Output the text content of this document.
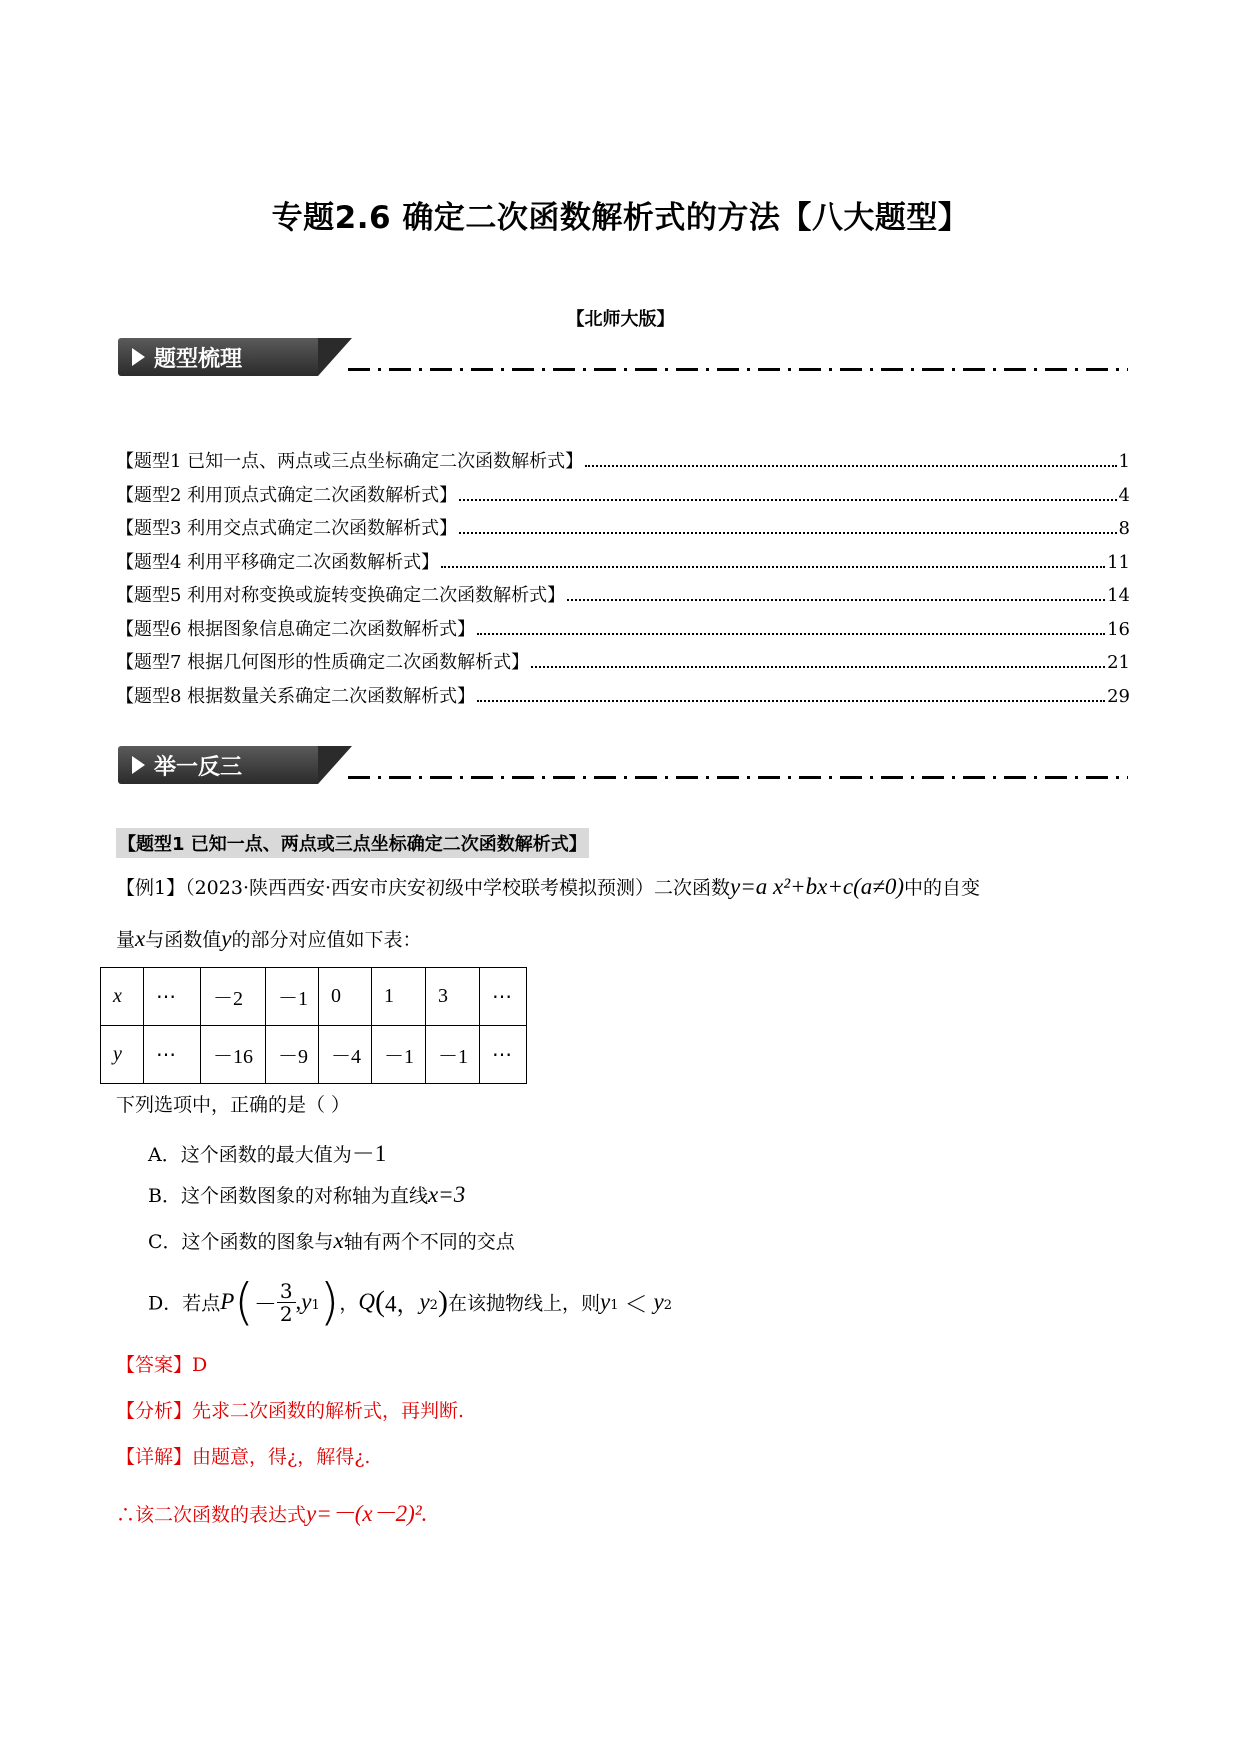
专题2.6 确定二次函数解析式的方法【八大题型】
【北师大版】
题型梳理
【题型1 已知一点、两点或三点坐标确定二次函数解析式】	1
【题型2 利用顶点式确定二次函数解析式】	4
【题型3 利用交点式确定二次函数解析式】	8
【题型4 利用平移确定二次函数解析式】	11
【题型5 利用对称变换或旋转变换确定二次函数解析式】	14
【题型6 根据图象信息确定二次函数解析式】	16
【题型7 根据几何图形的性质确定二次函数解析式】	21
【题型8 根据数量关系确定二次函数解析式】	29
举一反三
【题型1 已知一点、两点或三点坐标确定二次函数解析式】
【例1】（2023·陕西西安·西安市庆安初级中学校联考模拟预测）二次函数y=a x²+bx+c(a≠0)中的自变
量x与函数值y的部分对应值如下表：
x	⋯	－2	－1	0	1	3	⋯
y	⋯	－16	－9	－4	－1	－1	⋯
下列选项中，正确的是（ ）
A．这个函数的最大值为－1
B．这个函数图象的对称轴为直线x=3
C．这个函数的图象与x轴有两个不同的交点
D．若点$P(- \frac{3}{2} ,y_1)$，Q(4，$y_2$)在该抛物线上，则$y_1 < y_2$
【答案】D
【分析】先求二次函数的解析式，再判断.
【详解】由题意，得¿，解得¿.
∴该二次函数的表达式y=－(x－2)².
